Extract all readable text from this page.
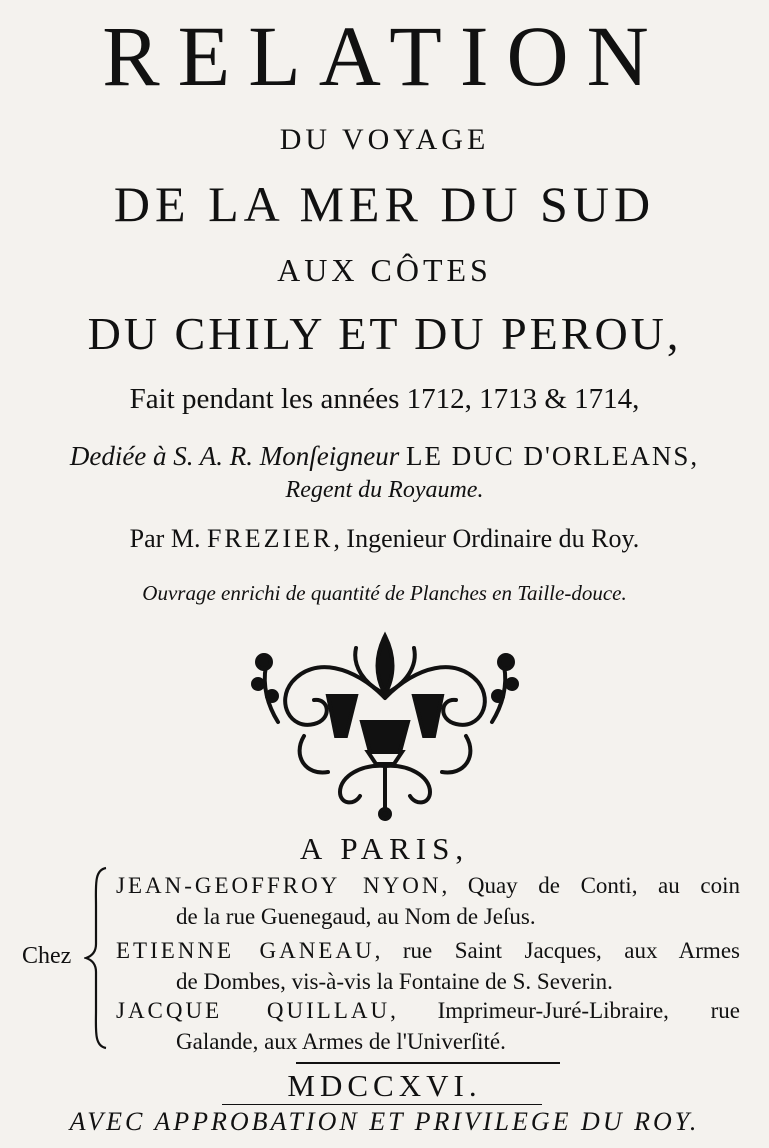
RELATION
DU VOYAGE
DE LA MER DU SUD
AUX CÔTES
DU CHILY ET DU PEROU,
Fait pendant les années 1712, 1713 & 1714,
Dediée à S. A. R. Monſeigneur LE DUC D'ORLEANS,
Regent du Royaume.
Par M. FREZIER, Ingenieur Ordinaire du Roy.
Ouvrage enrichi de quantité de Planches en Taille-douce.
A PARIS,
Chez
JEAN-GEOFFROY NYON, Quay de Conti, au coin
de la rue Guenegaud, au Nom de Jeſus.
ETIENNE GANEAU, rue Saint Jacques, aux Armes
de Dombes, vis-à-vis la Fontaine de S. Severin.
JACQUE QUILLAU, Imprimeur-Juré-Libraire, rue
Galande, aux Armes de l'Univerſité.
MDCCXVI.
AVEC APPROBATION ET PRIVILEGE DU ROY.
